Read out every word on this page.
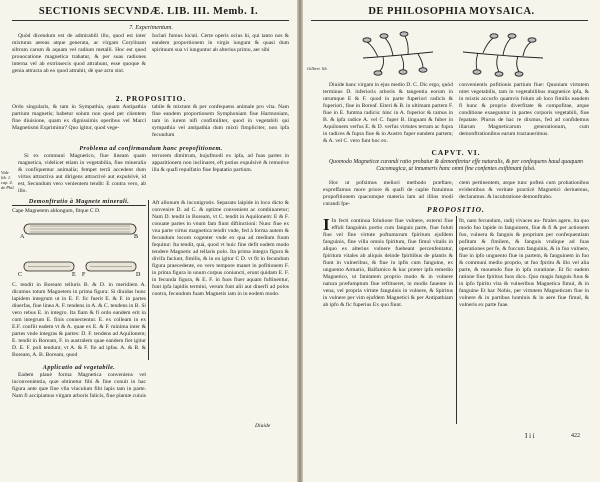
SECTIONIS SECVNDÆ. LIB. III. Memb. I.
7. Experimentum.

Quòd dicendum est de admirabili illo, quod est inter mixturas aereas atque generata, ac virgam Corylinam siltrum carum & aquam vel radium metalli. Hoc est quod prouocatione magnetica trahatur, & per suas radiones interna vel ab extrinsecis quod attrahunt, esse quoque & genia attracta ab eo quod attrahit, dè que actu sint.

Iuclari fumus locuti. Certe operis ocius hi, qui tanto nos & eandem proportionem in virgis iungunt & quasi dum spirituum sua vi iunguntur ab alterius primo, aer sibi

2. PROPOSITIO.

Ordo singularis, & tam in Sympathia, quam Antipathia partium magnetis; habetur solum non quod per clientem fine diuisione, quam ex dignissimis operibus vel Marci Magnetismi Exprimitur? Quo igitur, quod vege-

tabile & mixtum & per confequens animale pro vita. Nam fine eandem proportionem Symphoniam fiue Harmoniam, tam in iurem nifi confimiliter, quod in vegetabili qui sympathia vel antipathia dum mixti fimpliciter, non ipfa fecundum

Vide lib. 1. cap. 4. de Phil.
Problema ad confirmandum hanc propofitionem.

Si ex communi Magnetico, fiue lineam quam magnetica, videlicet etiam in vegetabilia, fiue mineralia & confiquemur animalia; fempet terrâ accedent dum virtus attractiva aut dirigens attractivè aut expulsivè, id est, Secundum vero venientem tendit: E contra vero, ab illo.

terrorem dimitrum, hujufmodi ex ipfa, ad fuas partes in apparitionem non inclinaret, eft potius expulsivè & remotive illa & quafi repulfatio fiue fepatatio partium.

Demonftratio à Magnete minerali.
Cape Magnetem ablongum, fitque C D.
A	B
C	E F	D

C. tendit in Boream telluris B. & D. in meridiem A. dicamus totum Magnetem in prima figura: Si diuidas hunc lapidem integrum ut in E. F. fic fuerit E. & F. in partes diuerfas, fiue linea A. F. tendens in A. & C. tendens in B. Si vero rebus E. in integro. Ita fiam & fi ordo eandem erit in cum integrum E. finis connectentur. E. ex colleam in ex E.F. confiit eadem vt & A. quae ex E. & F. minima inter & partes vnde integras & partes: D. F. tendens ad Aquilonem; E. tendit in Boream, F. in australem quae eandem fiet igitur D. E. F. poli tendunt, vt A. & F. fin ad ipfas. A. & B. & Boream, A. B. Boream, quod

Aft allonum & inconigrotis. Separato laipide in loco dicto & convenire D. ad C. & optime convenient ac combinaretur; Nam D. tendit in Boream, vt C. tendit in Aquilonem: E & F. conuate partes in vnum fam fiunt diftinctioni: Nunc fiue ex vna parte virtus magnetica tendit vnde, fed à forma autem & fecundum locum cogenter vnde ex qua ad medium fuum fequitur: Ita tendit, quà, quod vt huic fine defit eadem modo tendere Magnetic ad tellaris polo. Ita prima integra figura & divifa faciunt, fimilis, & in ea igitur C D. vt fit in fecundum figura praecedente, eo vero tempore manet in pofitionem F. in prima figura in unum corpus coniuncti, erunt quidam E. F. in fecunda figura, & E. F. in fuos fiuer aquam fuftinentur, funt ipfa lapidis termini, verum funt alii aut diuerfi ad polos contra, fecundum fuam Magnetis iam in in eodem modo.

Applicatio ad vegetabile.

Eadem planè forma Magnetica conveniens vel inconvenientia, quæ obtinetur fibi & fine conuit in hac figura ante quæ fine vlla vinculum fibi lapis tam in parte. Nam fi accipiamus virgam arboris falicis, fiue plantæ cuiuis

Diuide
DE PHILOSOPHIA MOYSAICA.
Gilbert. lib.

Diuide hanc virgam in ejus medio D. C. Dic ergo, quòd terminus D. inferioris arboris & tangentia eorum in utrumque E & F. quod in parte fuperiori radicis & fuperiori, fiue in Boreaf. Eiteri & B. in ultimam partem F. fiue in E. fumma radicis: hinc in A. fuperior & ramus in B. & ipfa radice A. vel C. fuper B. linguam & fuber in Aquilonem verfus E. & D. verfus virtutes terram ac fupra in radices & fupra fiue & in Austro fuper eandem partem; & A. vel C. vero funt hoc ex.

convenientis pofitionis partium fiue: Quoniam virtutem nitet vegetabilis, tam in vegetabilibus magnetice ipfa, & in mixtis accurfo quamvis folum ab loco fimilis eandem fi hunc & proprio diverfitate & compofitae, atque conditione exaeguntur in partes corporis vegetabili, fiue fepatate. Plurus de hac re dixmus, fed ad confidemus illarum Magneticarum generationum, cum demonftrationibus earum tractauerimus.

CAPVT. VI.
Quomodo Magneticæ curandi ratio probatur & demonftretur effe naturalis, & per confequens haud quaquam Cacomagica, ut innumeris hanc omni fine confentes exiftimant falsò.

Hoc ut pofsimus meliori methodo præftare, expreffamus more priore & quafi de capite ftatuimus propofitionem quacumque materia lam ad illius modi curandi fpe-

ctem pertinentem, atque tunc pofteà cum probationibus evidentibus & veritate practicè Magnetici deriuemus, declaramus. & lucubratione demonftrabo.

PROPOSITIO.

I In fecti continua folutione fiue vulnere, externi fiue effuli fanguinis portio cum fanguis parte, fiue foluti fiue vel fine virtute poftumorum fpiritum ejufdem fanguinis, fine villa omnis fpiritum, fiue fimul vitalis in aliquo ex alterius vulnere fuebeant percenfentatur, fpiritum vitales ab aliquis deinde fpiritibus de plantis & fiunt in vulneribus, & fiue in ipfis cum fanguine, ex unguento Armario, Balfamico & hac præter ipfa remedio Magnetico, ut fanitatem proprio modo & in vulnere natura præfumptum fiue reftitueret, in modis fauente in vena, vel propria virtute fanguinis in vulnere, & Spiritus in vulnere per vim ejufdem Magnetici & per Antipathiam ab ipfo & fic fuperius Ex quo fiunt.

fit, nam fecundum, radij vivaces au- ftrales agere, ita quo modo fuo lapide in fanguinem, fiue & fi & per actionem fuo, vulnera & fanguis & proprium per confequentiam pofitam & fimilem, & fanguis vndique ad fuas operationes per fe, & fuccum fanguinis, & in fuo vulnere, fiue in ipfo unguento fiue in partem, & fanguinem in fuo & communi medio proprio, ut fuo fpiritu & illo vel alia parte, & mouendo fiue in ipfa curatione. Et fic eadem ratione fiue fpiritus fuos dico. Quo magis fanguis fuus & in ipfo fpiritu vita & vulneribus Magnetica fimul, & in fanguine Et hac Nobis, per virtutem Magneticam fiue in vulnere & in partibus hominis & in aere fiue fimul, & vulneris ex parte fuae.

I i i	422
